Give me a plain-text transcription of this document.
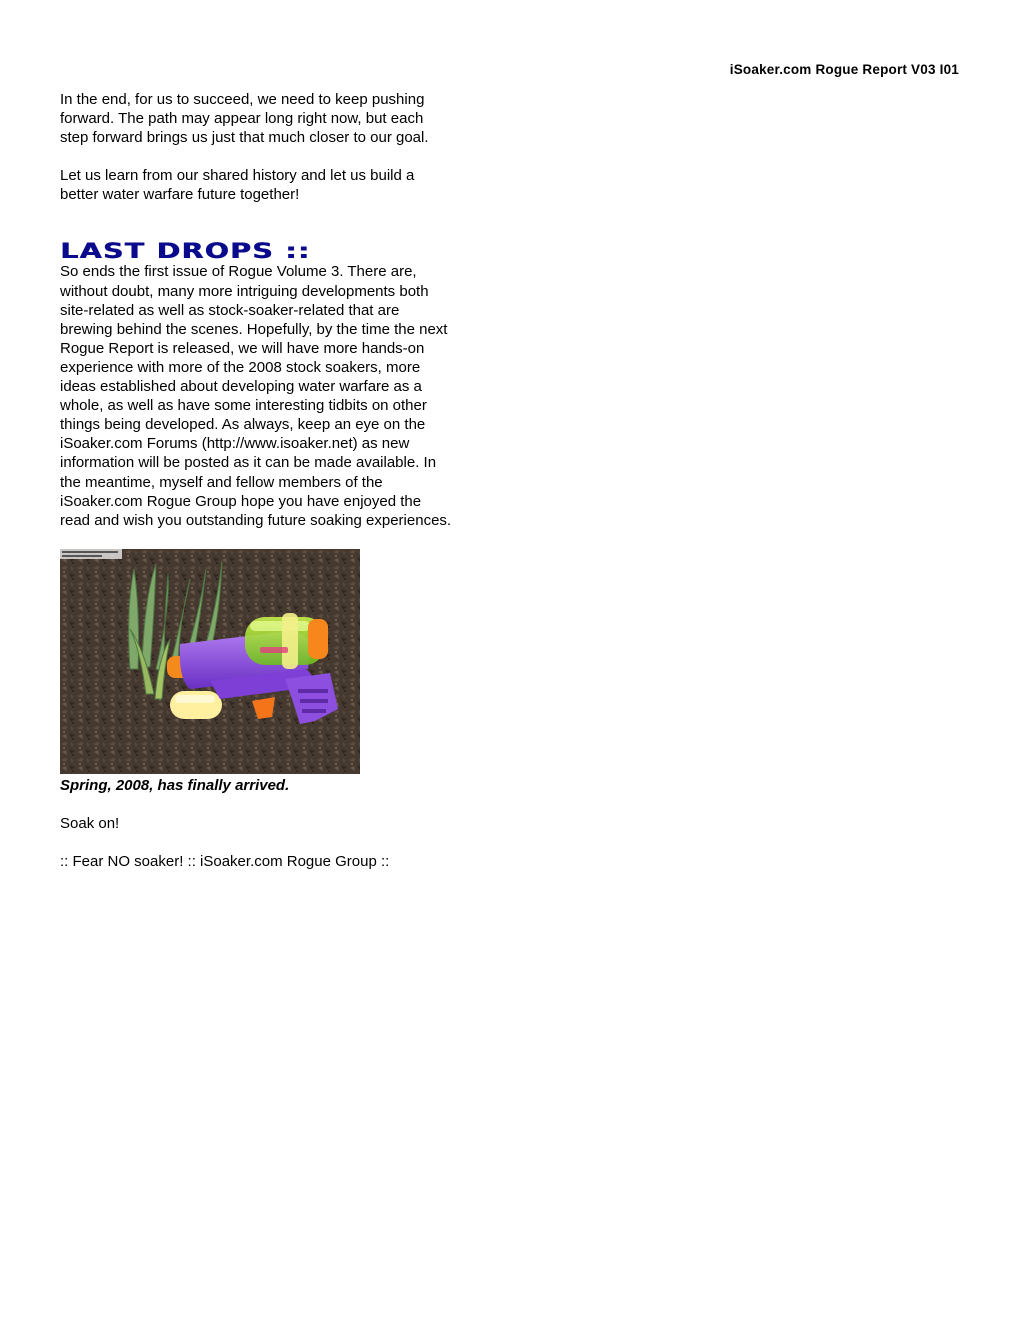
iSoaker.com Rogue Report V03 I01

In the end, for us to succeed, we need to keep pushing
forward. The path may appear long right now, but each
step forward brings us just that much closer to our goal.

Let us learn from our shared history and let us build a
better water warfare future together!

LAST DROPS ::

So ends the first issue of Rogue Volume 3. There are,
without doubt, many more intriguing developments both
site-related as well as stock-soaker-related that are
brewing behind the scenes. Hopefully, by the time the next
Rogue Report is released, we will have more hands-on
experience with more of the 2008 stock soakers, more
ideas established about developing water warfare as a
whole, as well as have some interesting tidbits on other
things being developed. As always, keep an eye on the
iSoaker.com Forums (http://www.isoaker.net) as new
information will be posted as it can be made available. In
the meantime, myself and fellow members of the
iSoaker.com Rogue Group hope you have enjoyed the
read and wish you outstanding future soaking experiences.

Spring, 2008, has finally arrived.

Soak on!

:: Fear NO soaker! :: iSoaker.com Rogue Group ::
